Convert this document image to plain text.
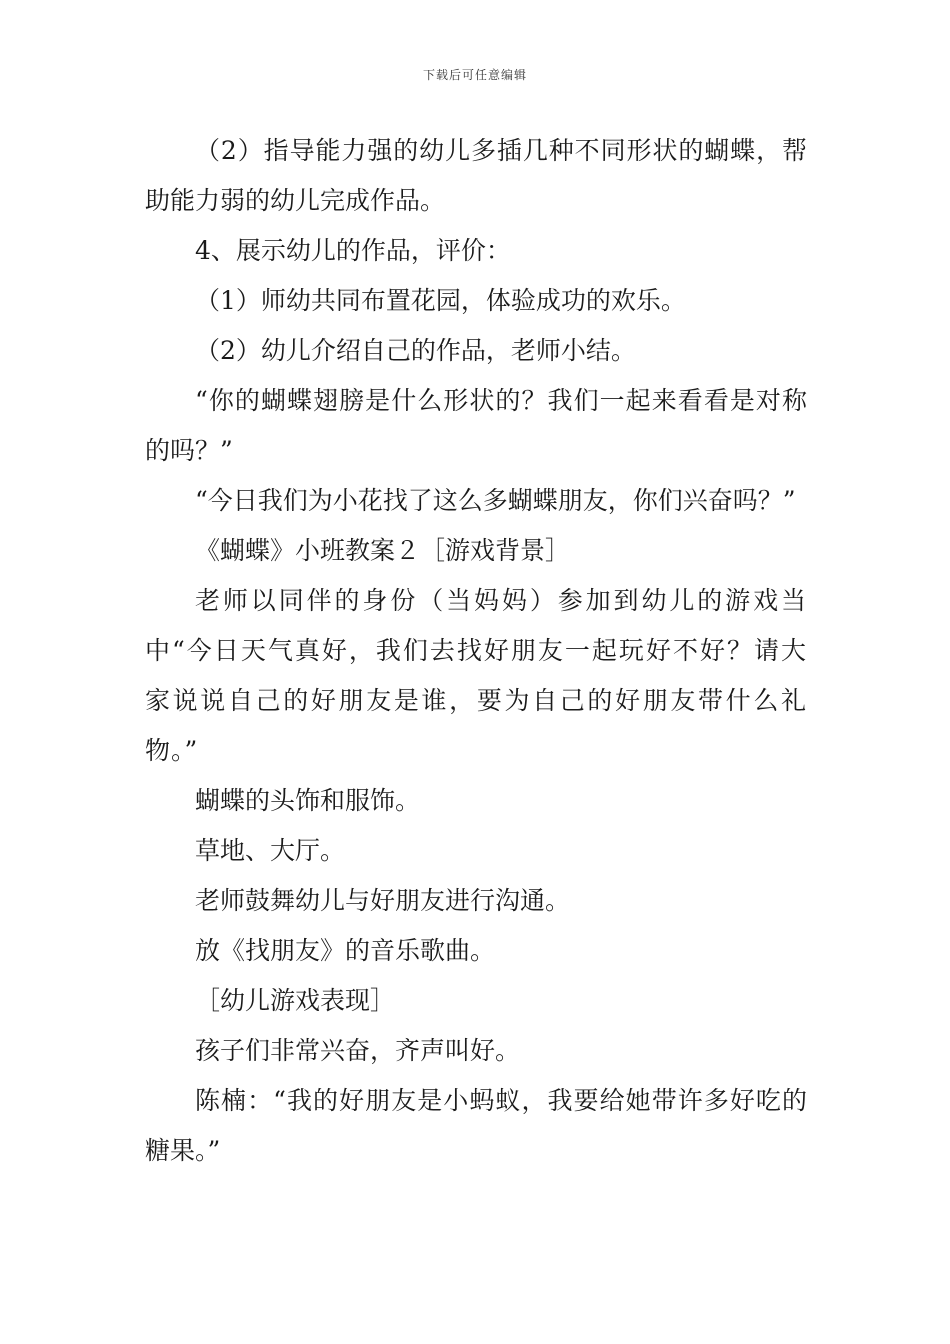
下载后可任意编辑

（2）指导能力强的幼儿多插几种不同形状的蝴蝶，帮助能力弱的幼儿完成作品。

4、展示幼儿的作品，评价：

（1）师幼共同布置花园，体验成功的欢乐。

（2）幼儿介绍自己的作品，老师小结。

“你的蝴蝶翅膀是什么形状的？我们一起来看看是对称的吗？”

“今日我们为小花找了这么多蝴蝶朋友，你们兴奋吗？”

《蝴蝶》小班教案２［游戏背景］

老师以同伴的身份（当妈妈）参加到幼儿的游戏当中“今日天气真好，我们去找好朋友一起玩好不好？请大家说说自己的好朋友是谁，要为自己的好朋友带什么礼物。”

蝴蝶的头饰和服饰。

草地、大厅。

老师鼓舞幼儿与好朋友进行沟通。

放《找朋友》的音乐歌曲。

［幼儿游戏表现］

孩子们非常兴奋，齐声叫好。

陈楠：“我的好朋友是小蚂蚁，我要给她带许多好吃的糖果。”
